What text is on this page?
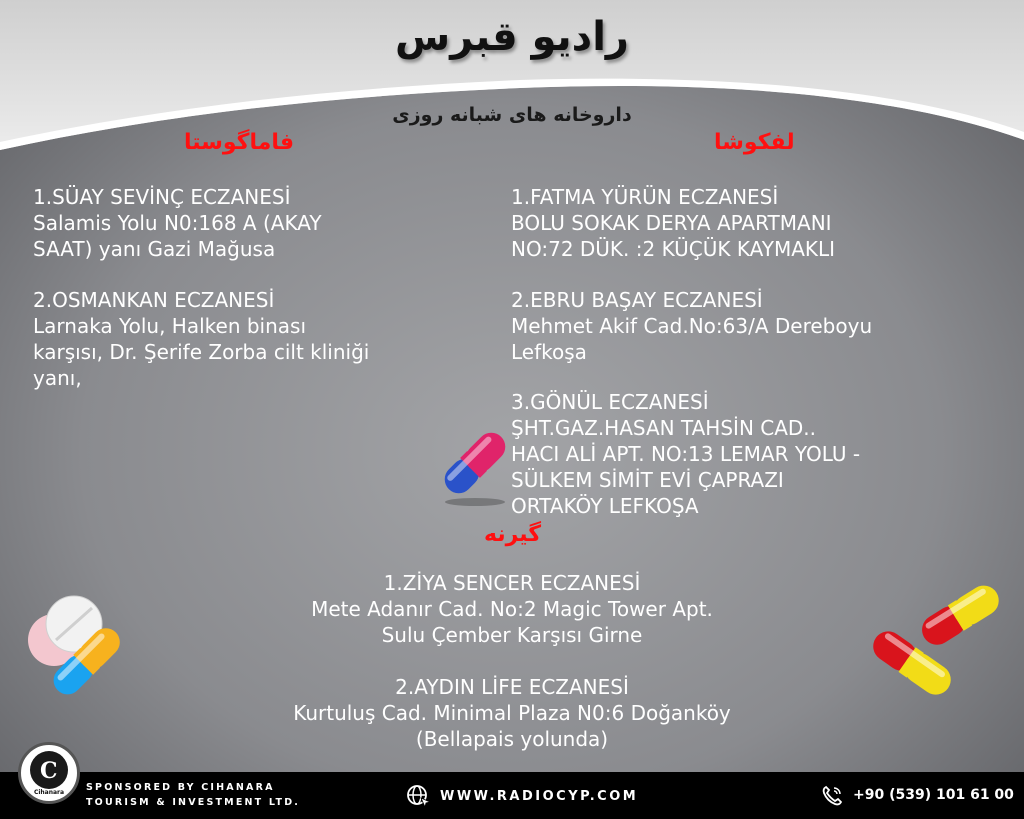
رادیو قبرس
داروخانه های شبانه روزی
فاماگوستا	لفکوشا
گیرنه
1.SÜAY SEVİNÇ ECZANESİ
Salamis Yolu N0:168 A (AKAY
SAAT) yanı Gazi Mağusa
2.OSMANKAN ECZANESİ
Larnaka Yolu, Halken binası
karşısı, Dr. Şerife Zorba cilt kliniği
yanı,
1.FATMA YÜRÜN ECZANESİ
BOLU SOKAK DERYA APARTMANI
NO:72 DÜK. :2 KÜÇÜK KAYMAKLI
2.EBRU BAŞAY ECZANESİ
Mehmet Akif Cad.No:63/A Dereboyu
Lefkoşa
3.GÖNÜL ECZANESİ
ŞHT.GAZ.HASAN TAHSİN CAD..
HACI ALİ APT. NO:13 LEMAR YOLU -
SÜLKEM SİMİT EVİ ÇAPRAZI
ORTAKÖY LEFKOŞA
1.ZİYA SENCER ECZANESİ
Mete Adanır Cad. No:2 Magic Tower Apt.
Sulu Çember Karşısı Girne
2.AYDIN LİFE ECZANESİ
Kurtuluş Cad. Minimal Plaza N0:6 Doğanköy
(Bellapais yolunda)
C
Cihanara	SPONSORED BY CIHANARA
TOURISM & INVESTMENT LTD.	WWW.RADIOCYP.COM	+90 (539) 101 61 00
